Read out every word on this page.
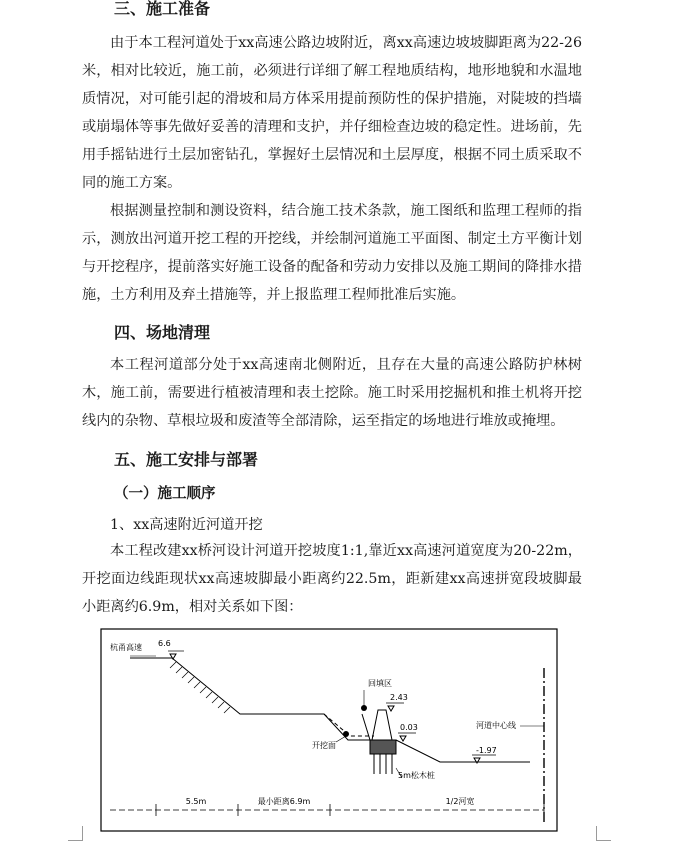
三、施工准备
由于本工程河道处于xx高速公路边坡附近，离xx高速边坡坡脚距离为22-26米，相对比较近，施工前，必须进行详细了解工程地质结构，地形地貌和水温地质情况，对可能引起的滑坡和局方体采用提前预防性的保护措施，对陡坡的挡墙或崩塌体等事先做好妥善的清理和支护，并仔细检查边坡的稳定性。进场前，先用手摇钻进行土层加密钻孔，掌握好土层情况和土层厚度，根据不同土质采取不同的施工方案。
根据测量控制和测设资料，结合施工技术条款，施工图纸和监理工程师的指示，测放出河道开挖工程的开挖线，并绘制河道施工平面图、制定土方平衡计划与开挖程序，提前落实好施工设备的配备和劳动力安排以及施工期间的降排水措施，土方利用及弃土措施等，并上报监理工程师批准后实施。
四、场地清理
本工程河道部分处于xx高速南北侧附近，且存在大量的高速公路防护林树木，施工前，需要进行植被清理和表土挖除。施工时采用挖掘机和推土机将开挖线内的杂物、草根垃圾和废渣等全部清除，运至指定的场地进行堆放或掩埋。
五、施工安排与部署
（一）施工顺序
1、xx高速附近河道开挖
本工程改建xx桥河设计河道开挖坡度1:1,靠近xx高速河道宽度为20-22m，开挖面边线距现状xx高速坡脚最小距离约22.5m，距新建xx高速拼宽段坡脚最小距离约6.9m，相对关系如下图：
杭甬高速 6.6
回填区
2.43
0.03
开挖面
5m松木桩
河道中心线
-1.97
5.5m	最小距离6.9m	1/2河宽
